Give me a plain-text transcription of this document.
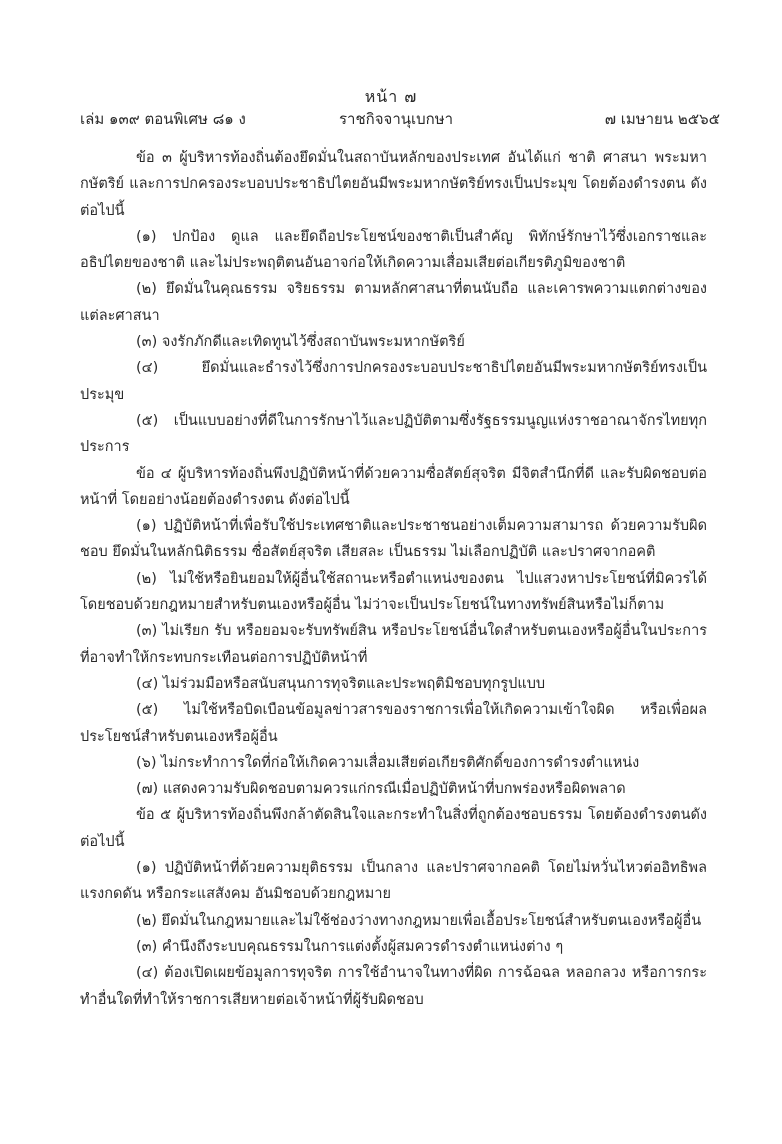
หน้า ๗
เล่ม ๑๓๙ ตอนพิเศษ ๘๑ ง	ราชกิจจานุเบกษา	๗ เมษายน ๒๕๖๕

ข้อ ๓ ผู้บริหารท้องถิ่นต้องยึดมั่นในสถาบันหลักของประเทศ อันได้แก่ ชาติ ศาสนา พระมหากษัตริย์ และการปกครองระบอบประชาธิปไตยอันมีพระมหากษัตริย์ทรงเป็นประมุข โดยต้องดำรงตน ดังต่อไปนี้

(๑) ปกป้อง ดูแล และยึดถือประโยชน์ของชาติเป็นสำคัญ พิทักษ์รักษาไว้ซึ่งเอกราชและอธิปไตยของชาติ และไม่ประพฤติตนอันอาจก่อให้เกิดความเสื่อมเสียต่อเกียรติภูมิของชาติ

(๒) ยึดมั่นในคุณธรรม จริยธรรม ตามหลักศาสนาที่ตนนับถือ และเคารพความแตกต่างของแต่ละศาสนา

(๓) จงรักภักดีและเทิดทูนไว้ซึ่งสถาบันพระมหากษัตริย์

(๔) ยึดมั่นและธำรงไว้ซึ่งการปกครองระบอบประชาธิปไตยอันมีพระมหากษัตริย์ทรงเป็นประมุข

(๕) เป็นแบบอย่างที่ดีในการรักษาไว้และปฏิบัติตามซึ่งรัฐธรรมนูญแห่งราชอาณาจักรไทยทุกประการ

ข้อ ๔ ผู้บริหารท้องถิ่นพึงปฏิบัติหน้าที่ด้วยความซื่อสัตย์สุจริต มีจิตสำนึกที่ดี และรับผิดชอบต่อหน้าที่ โดยอย่างน้อยต้องดำรงตน ดังต่อไปนี้

(๑) ปฏิบัติหน้าที่เพื่อรับใช้ประเทศชาติและประชาชนอย่างเต็มความสามารถ ด้วยความรับผิดชอบ ยึดมั่นในหลักนิติธรรม ซื่อสัตย์สุจริต เสียสละ เป็นธรรม ไม่เลือกปฏิบัติ และปราศจากอคติ

(๒) ไม่ใช้หรือยินยอมให้ผู้อื่นใช้สถานะหรือตำแหน่งของตน ไปแสวงหาประโยชน์ที่มิควรได้โดยชอบด้วยกฎหมายสำหรับตนเองหรือผู้อื่น ไม่ว่าจะเป็นประโยชน์ในทางทรัพย์สินหรือไม่ก็ตาม

(๓) ไม่เรียก รับ หรือยอมจะรับทรัพย์สิน หรือประโยชน์อื่นใดสำหรับตนเองหรือผู้อื่นในประการที่อาจทำให้กระทบกระเทือนต่อการปฏิบัติหน้าที่

(๔) ไม่ร่วมมือหรือสนับสนุนการทุจริตและประพฤติมิชอบทุกรูปแบบ

(๕) ไม่ใช้หรือบิดเบือนข้อมูลข่าวสารของราชการเพื่อให้เกิดความเข้าใจผิด หรือเพื่อผลประโยชน์สำหรับตนเองหรือผู้อื่น

(๖) ไม่กระทำการใดที่ก่อให้เกิดความเสื่อมเสียต่อเกียรติศักดิ์ของการดำรงตำแหน่ง

(๗) แสดงความรับผิดชอบตามควรแก่กรณีเมื่อปฏิบัติหน้าที่บกพร่องหรือผิดพลาด

ข้อ ๕ ผู้บริหารท้องถิ่นพึงกล้าตัดสินใจและกระทำในสิ่งที่ถูกต้องชอบธรรม โดยต้องดำรงตนดังต่อไปนี้

(๑) ปฏิบัติหน้าที่ด้วยความยุติธรรม เป็นกลาง และปราศจากอคติ โดยไม่หวั่นไหวต่ออิทธิพลแรงกดดัน หรือกระแสสังคม อันมิชอบด้วยกฎหมาย

(๒) ยึดมั่นในกฎหมายและไม่ใช้ช่องว่างทางกฎหมายเพื่อเอื้อประโยชน์สำหรับตนเองหรือผู้อื่น

(๓) คำนึงถึงระบบคุณธรรมในการแต่งตั้งผู้สมควรดำรงตำแหน่งต่าง ๆ

(๔) ต้องเปิดเผยข้อมูลการทุจริต การใช้อำนาจในทางที่ผิด การฉ้อฉล หลอกลวง หรือการกระทำอื่นใดที่ทำให้ราชการเสียหายต่อเจ้าหน้าที่ผู้รับผิดชอบ
